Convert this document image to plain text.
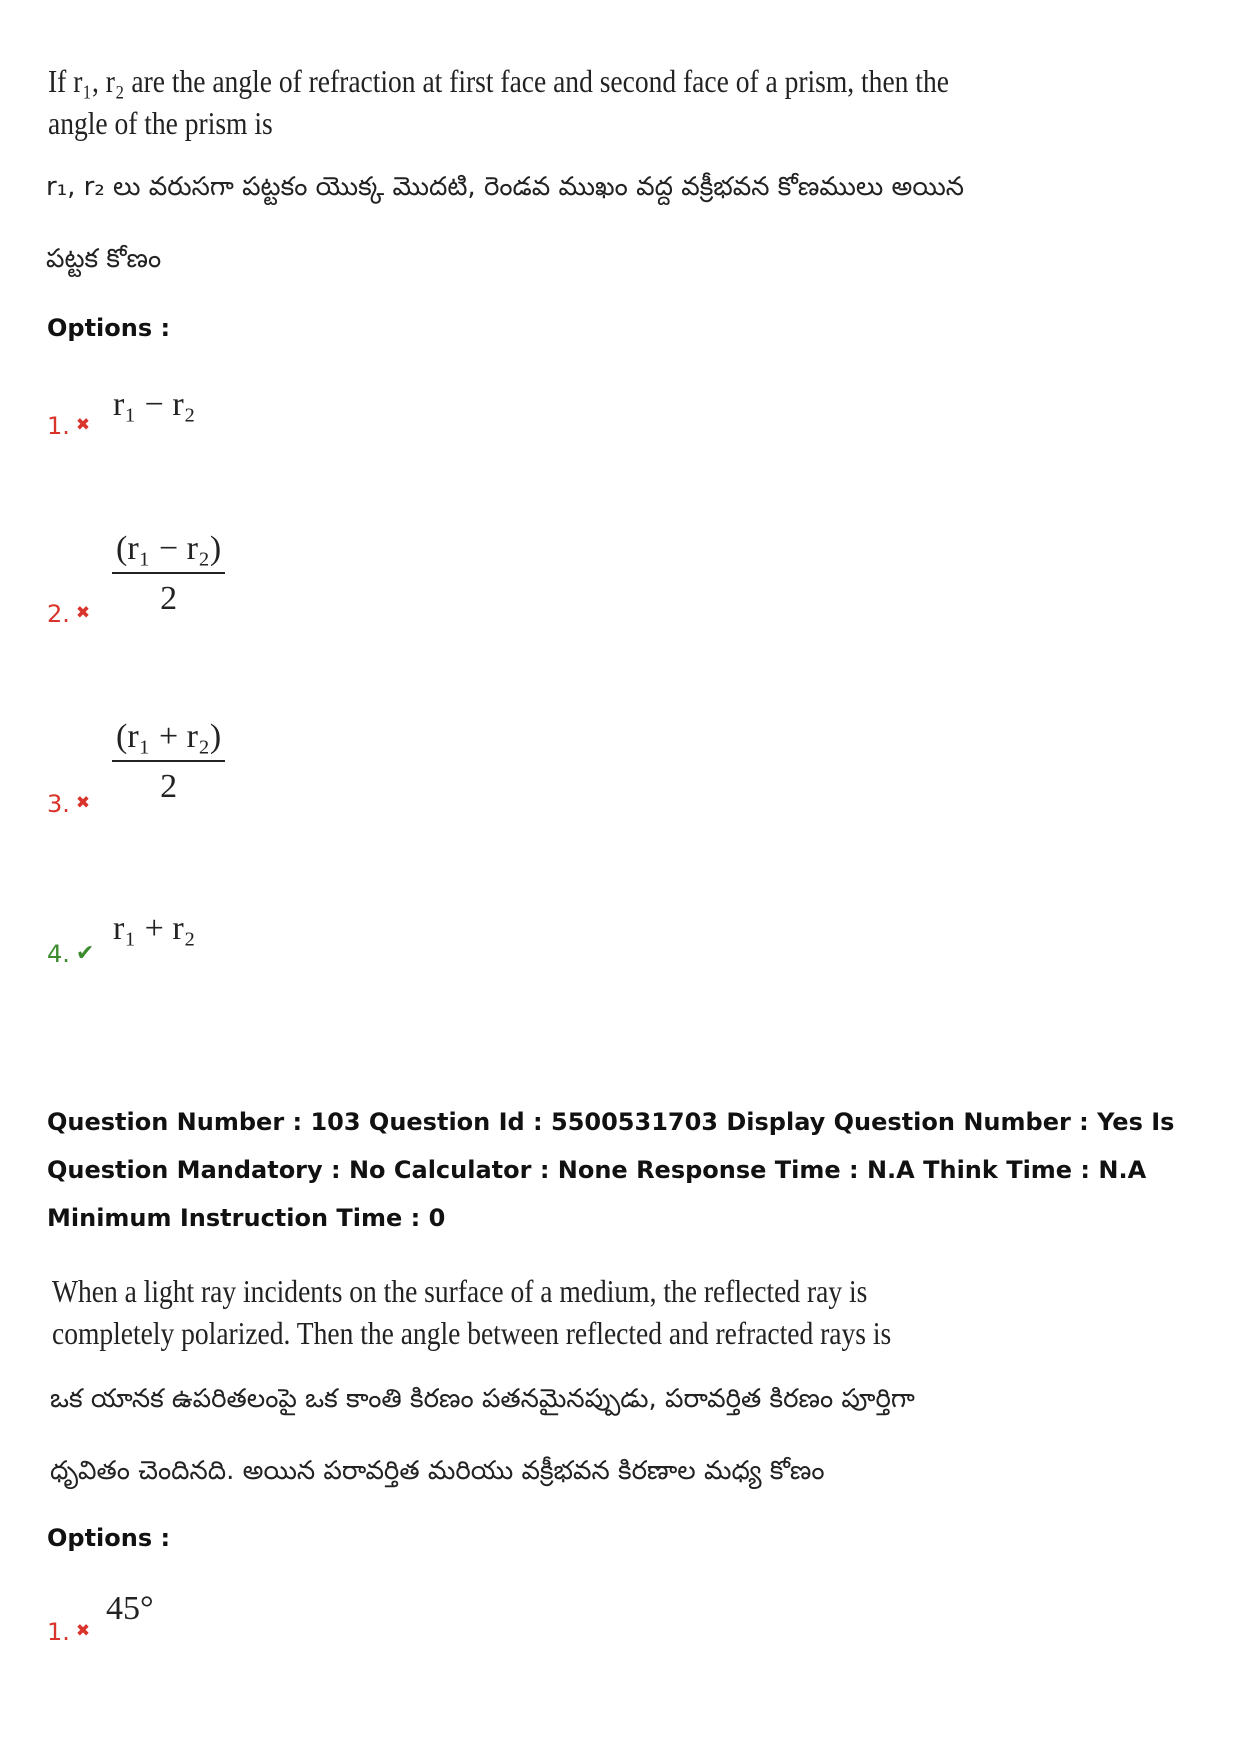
If r₁, r₂ are the angle of refraction at first face and second face of a prism, then the
angle of the prism is
r₁, r₂ లు వరుసగా పట్టకం యొక్క మొదటి, రెండవ ముఖం వద్ద వక్రీభవన కోణములు అయిన
పట్టక కోణం
Options :
1. ✖
r₁ − r₂
2. ✖ $\frac{\text{(r₁ − r₂)}}{2}$
3. ✖ $\frac{\text{(r₁ + r₂)}}{2}$
4. ✔
r₁ + r₂
Question Number : 103 Question Id : 5500531703 Display Question Number : Yes Is Question Mandatory : No Calculator : None Response Time : N.A Think Time : N.A Minimum Instruction Time : 0
When a light ray incidents on the surface of a medium, the reflected ray is
completely polarized. Then the angle between reflected and refracted rays is
ఒక యానక ఉపరితలంపై ఒక కాంతి కిరణం పతనమైనప్పుడు, పరావర్తిత కిరణం పూర్తిగా
ధృవితం చెందినది. అయిన పరావర్తిత మరియు వక్రీభవన కిరణాల మధ్య కోణం
Options :
1. ✖
45°
